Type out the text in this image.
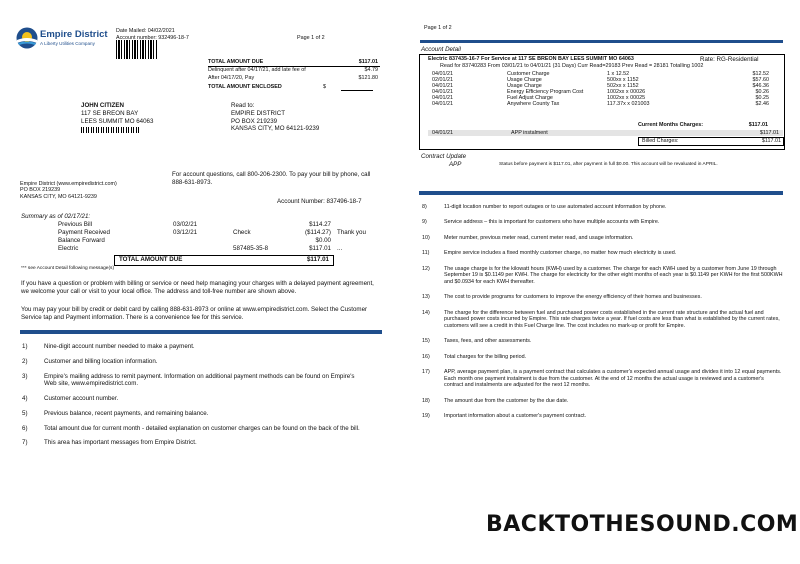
Empire District
A Liberty Utilities Company
Date Mailed: 04/02/2021
Account number: 932496-18-7	Page 1 of 2
TOTAL AMOUNT DUE	$117.01
Delinquent after 04/17/21, add late fee of	$4.79
After 04/17/20, Pay	$121.80
TOTAL AMOUNT ENCLOSED	$
JOHN CITIZEN
117 SE BREON BAY
LEES SUMMIT MO 64063
Read to:
EMPIRE DISTRICT
PO BOX 219239
KANSAS CITY, MO 64121-9239
For account questions, call 800-206-2300. To pay your bill by phone, call 888-631-8973.
Empire District (www.empiredistrict.com)
PO BOX 219239
KANSAS CITY, MO 64121-9239
Account Number: 837496-18-7
Summary as of 02/17/21:
Previous Bill	03/02/21	$114.27
Payment Received	03/12/21	Check	($114.27) Thank you
Balance Forward	$0.00
Electric	587485-35-8	$117.01 ...
TOTAL AMOUNT DUE	$117.01
*** see Account Detail following message(s)
If you have a question or problem with billing or service or need help managing your charges with a delayed payment agreement, we welcome your call or visit to your local office. The address and toll-free number are shown above.
You may pay your bill by credit or debit card by calling 888-631-8973 or online at www.empiredistrict.com. Select the Customer Service tap and Payment information. There is a convenience fee for this service.
1)	Nine-digit account number needed to make a payment.
2)	Customer and billing location information.
3)	Empire's mailing address to remit payment. Information on additional payment methods can be found on Empire's Web site, www.empiredistrict.com.
4)	Customer account number.
5)	Previous balance, recent payments, and remaining balance.
6)	Total amount due for current month - detailed explanation on customer charges can be found on the back of the bill.
7)	This area has important messages from Empire District.
Page 1 of 2
Account Detail
Electric 837435-16-7 For Service at 117 SE BREON BAY LEES SUMMIT MO 64063	Rate: RG-Residential
Read for 83740283 From 03/01/21 to 04/01/21 (31 Days) Curr Read=29183 Prev Read = 28181 Totalling 1002
04/01/21	Customer Charge	1 x 12.52	$12.52
02/01/21	Usage Charge	500xx x 1152	$57.60
04/01/21	Usage Charge	502xx x 1152	$46.36
04/01/21	Energy Efficiency Program Cost	1002xx x 00026	$0.26
04/01/21	Fuel Adjust Charge	1002xx x 00025	$0.25
04/01/21	Anywhere County Tax	117.37x x 021003	$2.46
Current Months Charges:	$117.01
04/01/21	APP instalment	$117.01
Billed Charges:	$117.01
Contract Update
APP	Status before payment is $117.01, after payment in full $0.00. This account will be revaluated in APRIL.
8)	11-digit location number to report outages or to use automated account information by phone.
9)	Service address – this is important for customers who have multiple accounts with Empire.
10)	Meter number, previous meter read, current meter read, and usage information.
11)	Empire service includes a fixed monthly customer charge, no matter how much electricity is used.
12)	The usage charge is for the kilowatt hours (KWH) used by a customer. The charge for each KWH used by a customer from June 19 through September 19 is $0.1149 per KWH. The charge for electricity for the other eight months of each year is $0.1149 per KWH for the first 500KWH and $0.0934 for each KWH thereafter.
13)	The cost to provide programs for customers to improve the energy efficiency of their homes and businesses.
14)	The charge for the difference between fuel and purchased power costs established in the current rate structure and the actual fuel and purchased power costs incurred by Empire. This rate charges twice a year. If fuel costs are less than what is established by the current rates, customers will see a credit in this Fuel Charge line. The cost includes no mark-up or profit for Empire.
15)	Taxes, fees, and other assessments.
16)	Total charges for the billing period.
17)	APP, average payment plan, is a payment contract that calculates a customer's expected annual usage and divides it into 12 equal payments. Each month one payment instalment is due from the customer. At the end of 12 months the actual usage is reviewed and a customer's contract and instalments are adjusted for the next 12 months.
18)	The amount due from the customer by the due date.
19)	Important information about a customer's payment contract.
BACKTOTHESOUND.COM
